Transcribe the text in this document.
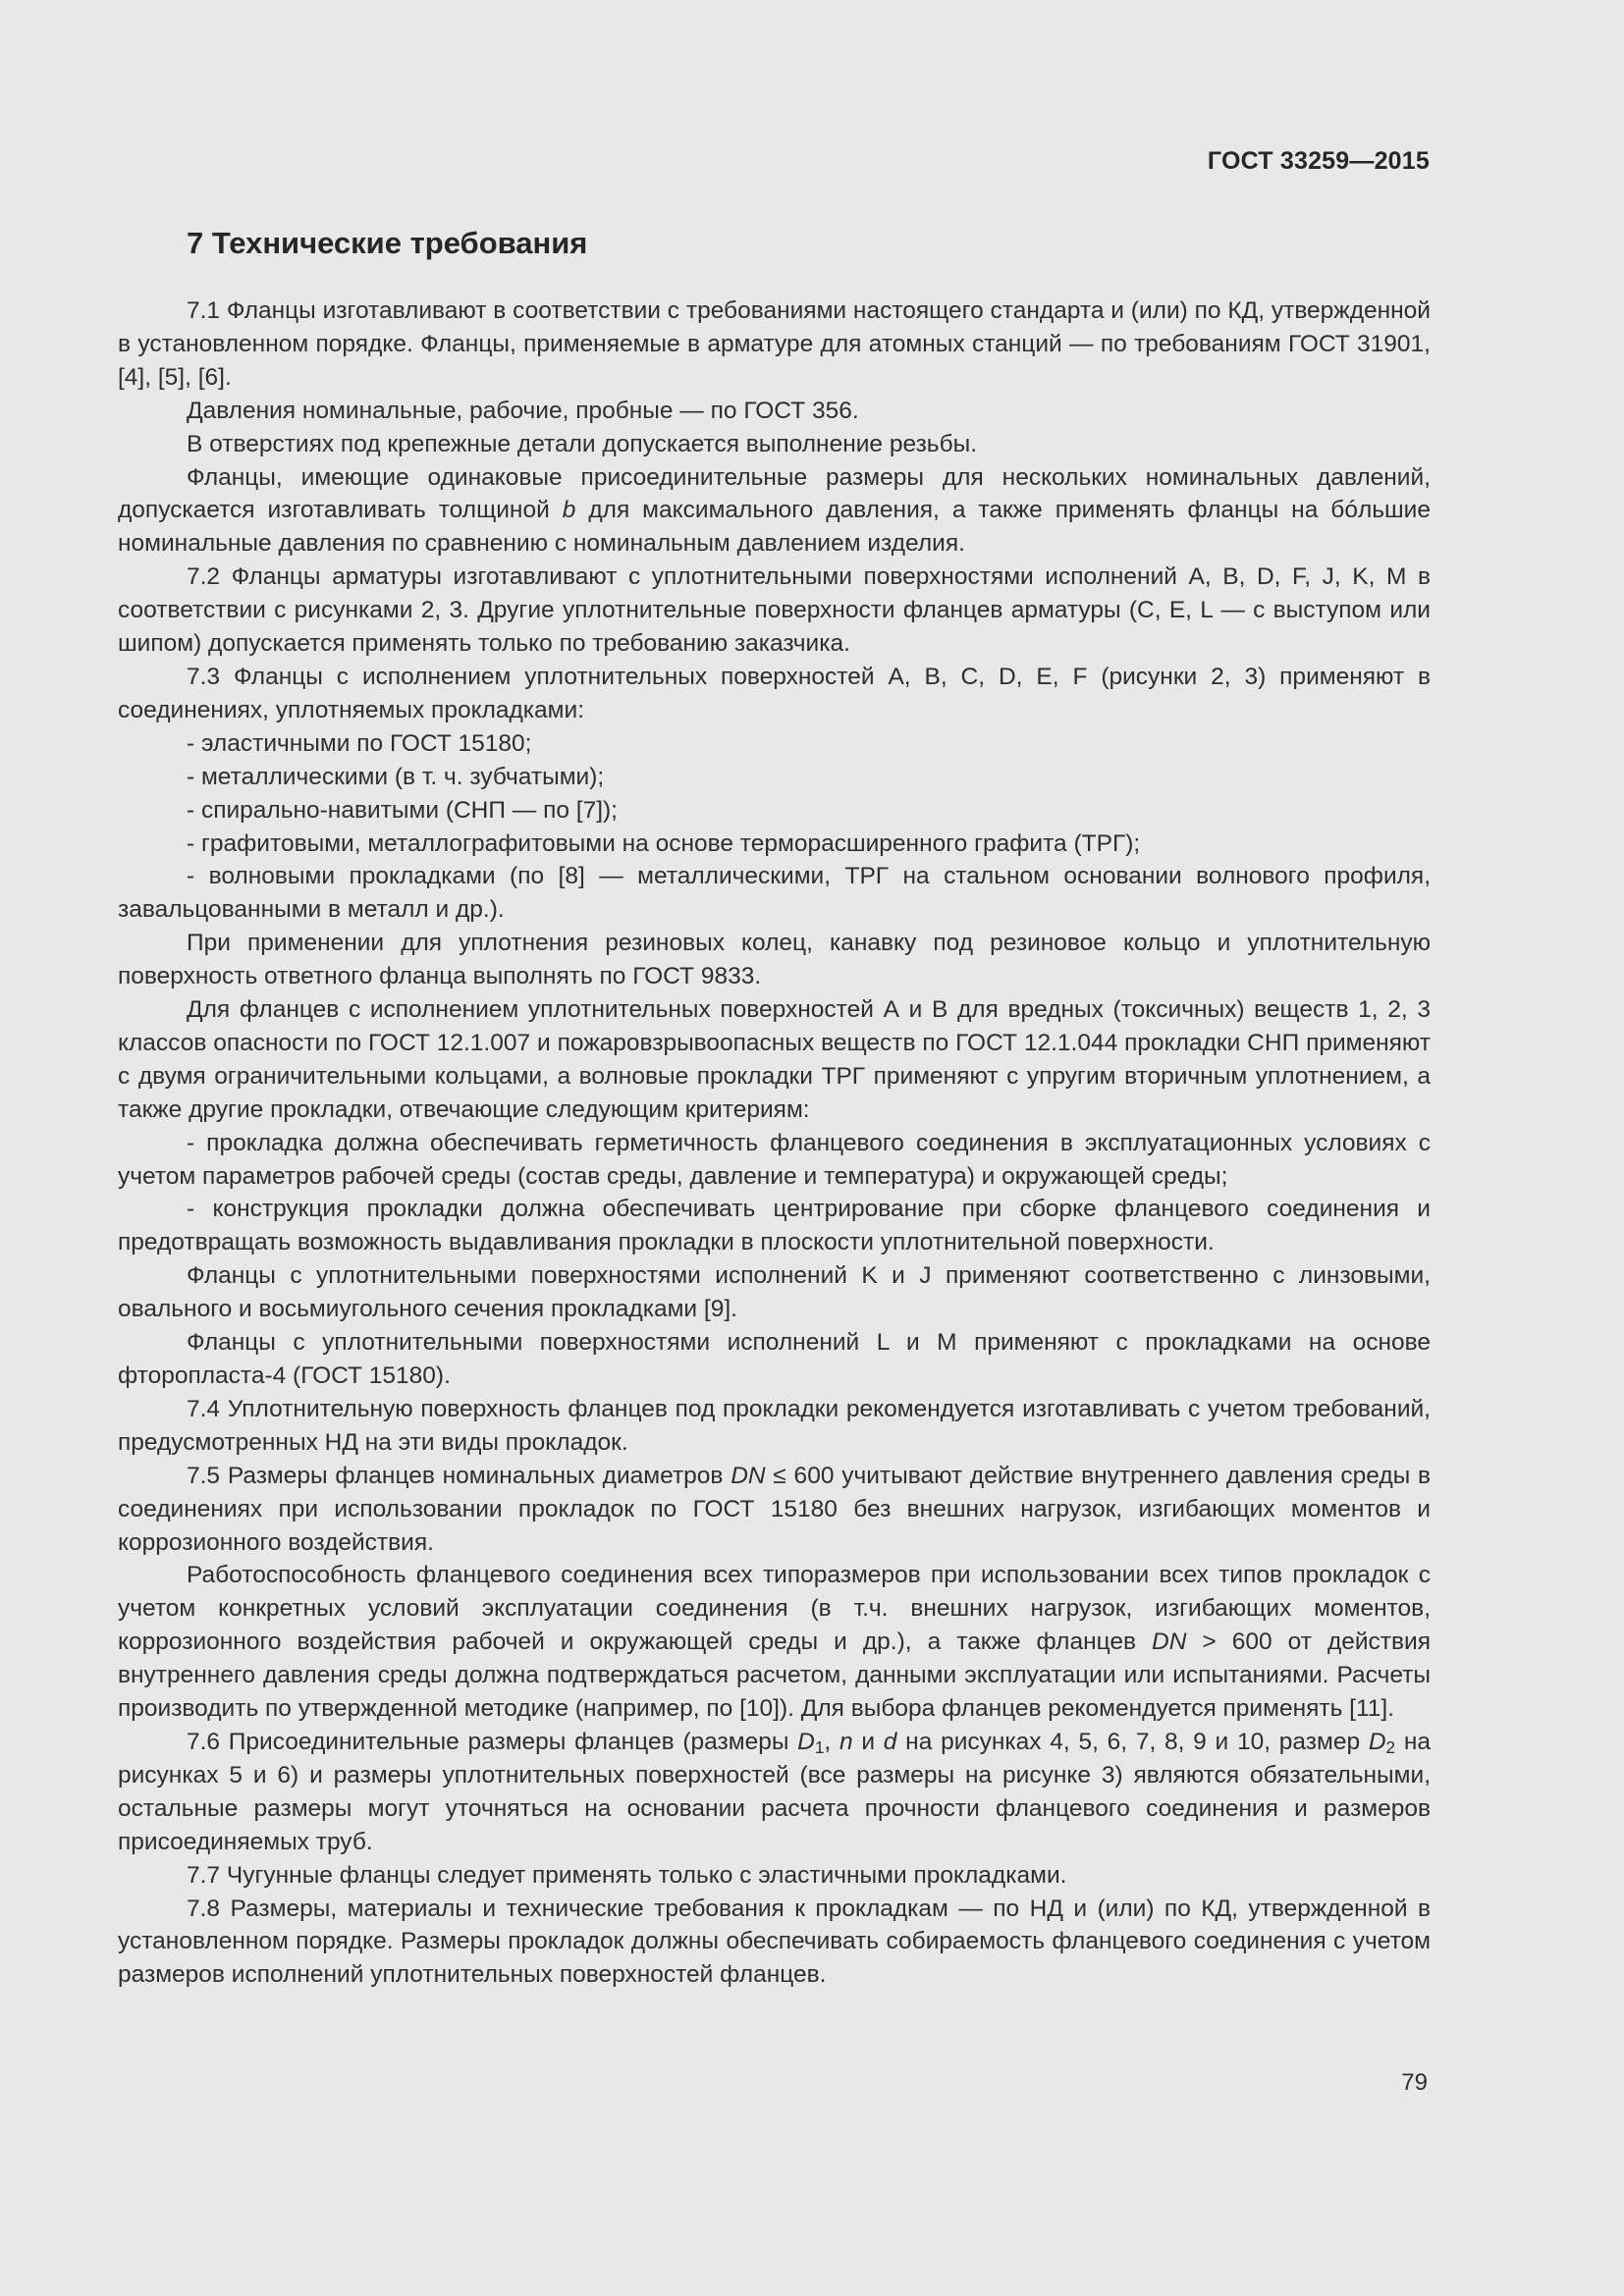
ГОСТ 33259—2015
7 Технические требования

7.1 Фланцы изготавливают в соответствии с требованиями настоящего стандарта и (или) по КД, утвержденной в установленном порядке. Фланцы, применяемые в арматуре для атомных станций — по требованиям ГОСТ 31901, [4], [5], [6].

Давления номинальные, рабочие, пробные — по ГОСТ 356.

В отверстиях под крепежные детали допускается выполнение резьбы.

Фланцы, имеющие одинаковые присоединительные размеры для нескольких номинальных давлений, допускается изготавливать толщиной b для максимального давления, а также применять фланцы на бóльшие номинальные давления по сравнению с номинальным давлением изделия.

7.2 Фланцы арматуры изготавливают с уплотнительными поверхностями исполнений А, В, D, F, J, K, M в соответствии с рисунками 2, 3. Другие уплотнительные поверхности фланцев арматуры (С, Е, L — с выступом или шипом) допускается применять только по требованию заказчика.

7.3 Фланцы с исполнением уплотнительных поверхностей А, В, С, D, Е, F (рисунки 2, 3) применяют в соединениях, уплотняемых прокладками:

- эластичными по ГОСТ 15180;

- металлическими (в т. ч. зубчатыми);

- спирально-навитыми (СНП — по [7]);

- графитовыми, металлографитовыми на основе терморасширенного графита (ТРГ);

- волновыми прокладками (по [8] — металлическими, ТРГ на стальном основании волнового профиля, завальцованными в металл и др.).

При применении для уплотнения резиновых колец, канавку под резиновое кольцо и уплотнительную поверхность ответного фланца выполнять по ГОСТ 9833.

Для фланцев с исполнением уплотнительных поверхностей А и В для вредных (токсичных) веществ 1, 2, 3 классов опасности по ГОСТ 12.1.007 и пожаровзрывоопасных веществ по ГОСТ 12.1.044 прокладки СНП применяют с двумя ограничительными кольцами, а волновые прокладки ТРГ применяют с упругим вторичным уплотнением, а также другие прокладки, отвечающие следующим критериям:

- прокладка должна обеспечивать герметичность фланцевого соединения в эксплуатационных условиях с учетом параметров рабочей среды (состав среды, давление и температура) и окружающей среды;

- конструкция прокладки должна обеспечивать центрирование при сборке фланцевого соединения и предотвращать возможность выдавливания прокладки в плоскости уплотнительной поверхности.

Фланцы с уплотнительными поверхностями исполнений K и J применяют соответственно с линзовыми, овального и восьмиугольного сечения прокладками [9].

Фланцы с уплотнительными поверхностями исполнений L и М применяют с прокладками на основе фторопласта-4 (ГОСТ 15180).

7.4 Уплотнительную поверхность фланцев под прокладки рекомендуется изготавливать с учетом требований, предусмотренных НД на эти виды прокладок.

7.5 Размеры фланцев номинальных диаметров DN ≤ 600 учитывают действие внутреннего давления среды в соединениях при использовании прокладок по ГОСТ 15180 без внешних нагрузок, изгибающих моментов и коррозионного воздействия.

Работоспособность фланцевого соединения всех типоразмеров при использовании всех типов прокладок с учетом конкретных условий эксплуатации соединения (в т.ч. внешних нагрузок, изгибающих моментов, коррозионного воздействия рабочей и окружающей среды и др.), а также фланцев DN > 600 от действия внутреннего давления среды должна подтверждаться расчетом, данными эксплуатации или испытаниями. Расчеты производить по утвержденной методике (например, по [10]). Для выбора фланцев рекомендуется применять [11].

7.6 Присоединительные размеры фланцев (размеры $D_1$, n и d на рисунках 4, 5, 6, 7, 8, 9 и 10, размер $D_2$ на рисунках 5 и 6) и размеры уплотнительных поверхностей (все размеры на рисунке 3) являются обязательными, остальные размеры могут уточняться на основании расчета прочности фланцевого соединения и размеров присоединяемых труб.

7.7 Чугунные фланцы следует применять только с эластичными прокладками.

7.8 Размеры, материалы и технические требования к прокладкам — по НД и (или) по КД, утвержденной в установленном порядке. Размеры прокладок должны обеспечивать собираемость фланцевого соединения с учетом размеров исполнений уплотнительных поверхностей фланцев.

79
